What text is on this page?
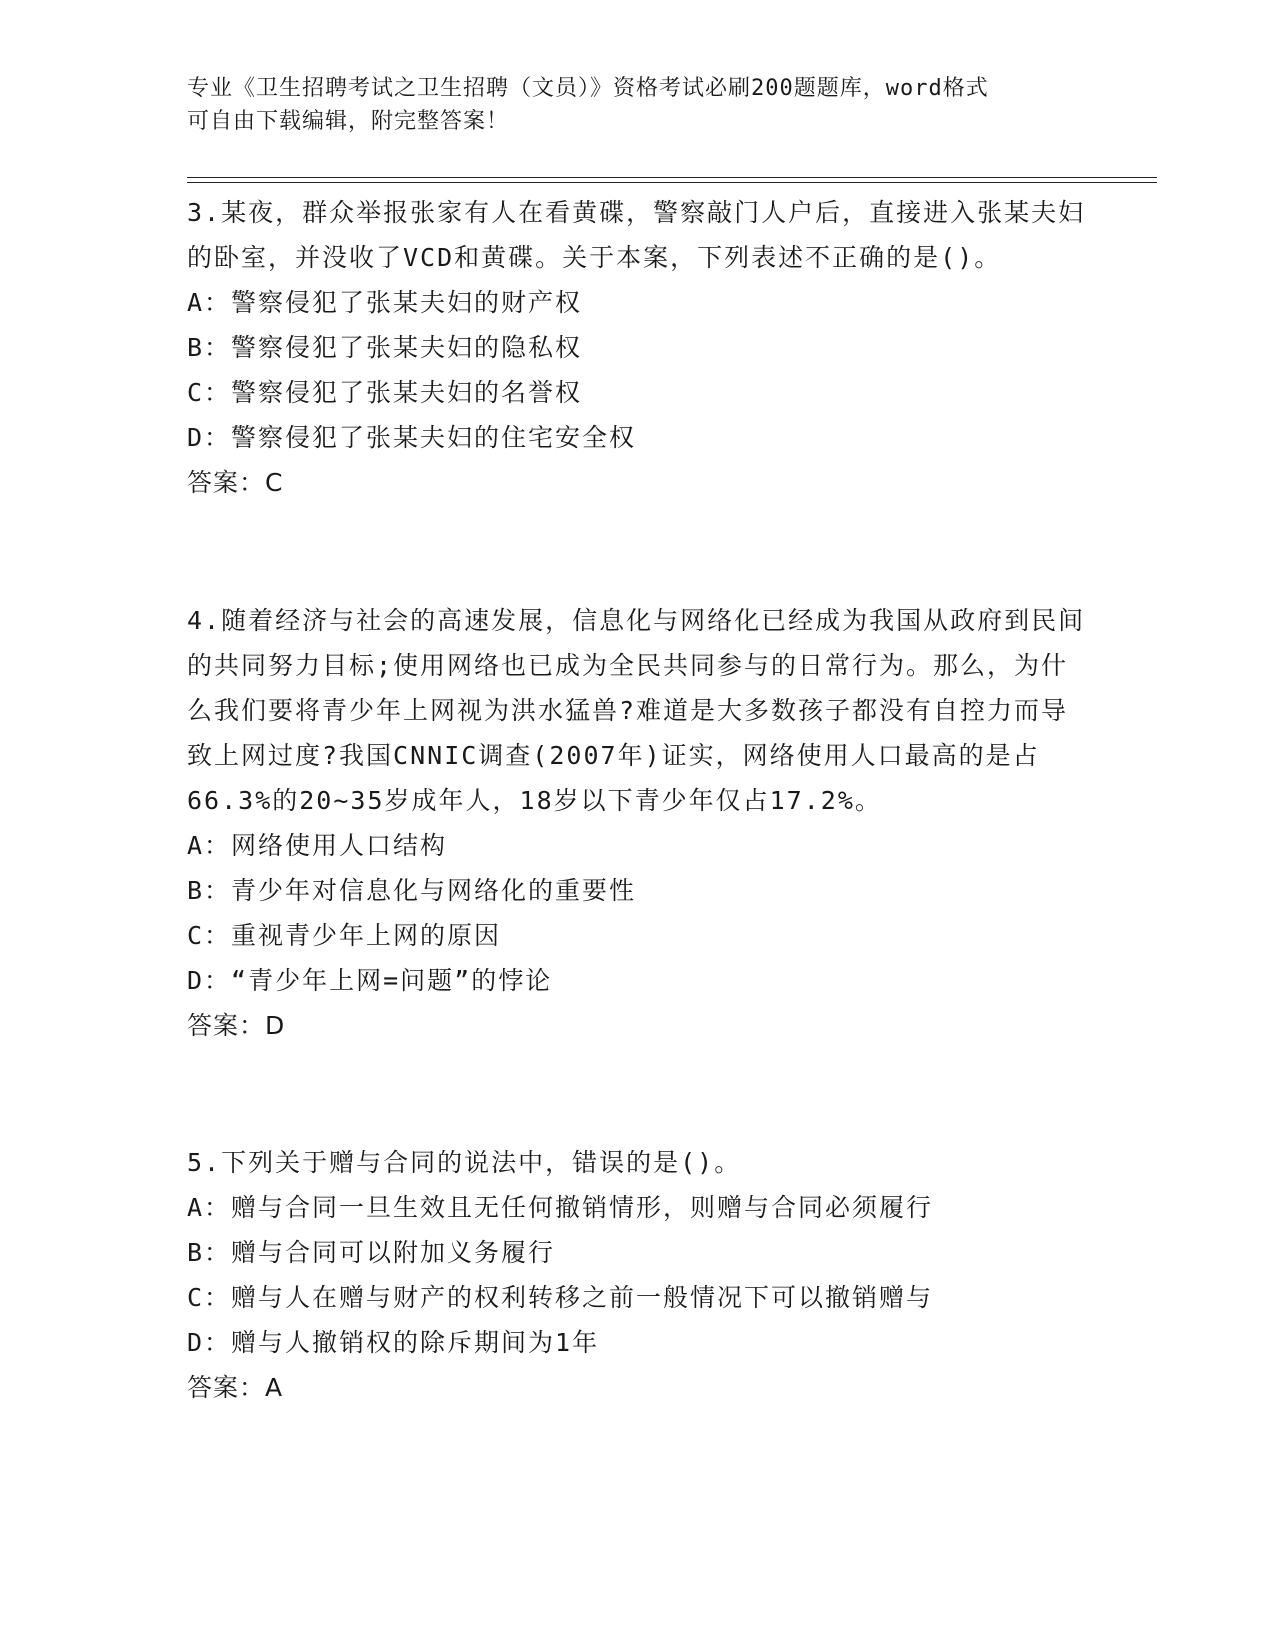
专业《卫生招聘考试之卫生招聘（文员）》资格考试必刷200题题库，word格式
可自由下载编辑，附完整答案！

3.某夜，群众举报张家有人在看黄碟，警察敲门人户后，直接进入张某夫妇的卧室，并没收了VCD和黄碟。关于本案，下列表述不正确的是()。

A：警察侵犯了张某夫妇的财产权

B：警察侵犯了张某夫妇的隐私权

C：警察侵犯了张某夫妇的名誉权

D：警察侵犯了张某夫妇的住宅安全权

答案：C

4.随着经济与社会的高速发展，信息化与网络化已经成为我国从政府到民间的共同努力目标;使用网络也已成为全民共同参与的日常行为。那么，为什么我们要将青少年上网视为洪水猛兽?难道是大多数孩子都没有自控力而导致上网过度?我国CNNIC调查(2007年)证实，网络使用人口最高的是占66.3%的20~35岁成年人，18岁以下青少年仅占17.2%。

A：网络使用人口结构

B：青少年对信息化与网络化的重要性

C：重视青少年上网的原因

D：“青少年上网=问题”的悖论

答案：D

5.下列关于赠与合同的说法中，错误的是()。

A：赠与合同一旦生效且无任何撤销情形，则赠与合同必须履行

B：赠与合同可以附加义务履行

C：赠与人在赠与财产的权利转移之前一般情况下可以撤销赠与

D：赠与人撤销权的除斥期间为1年

答案：A
